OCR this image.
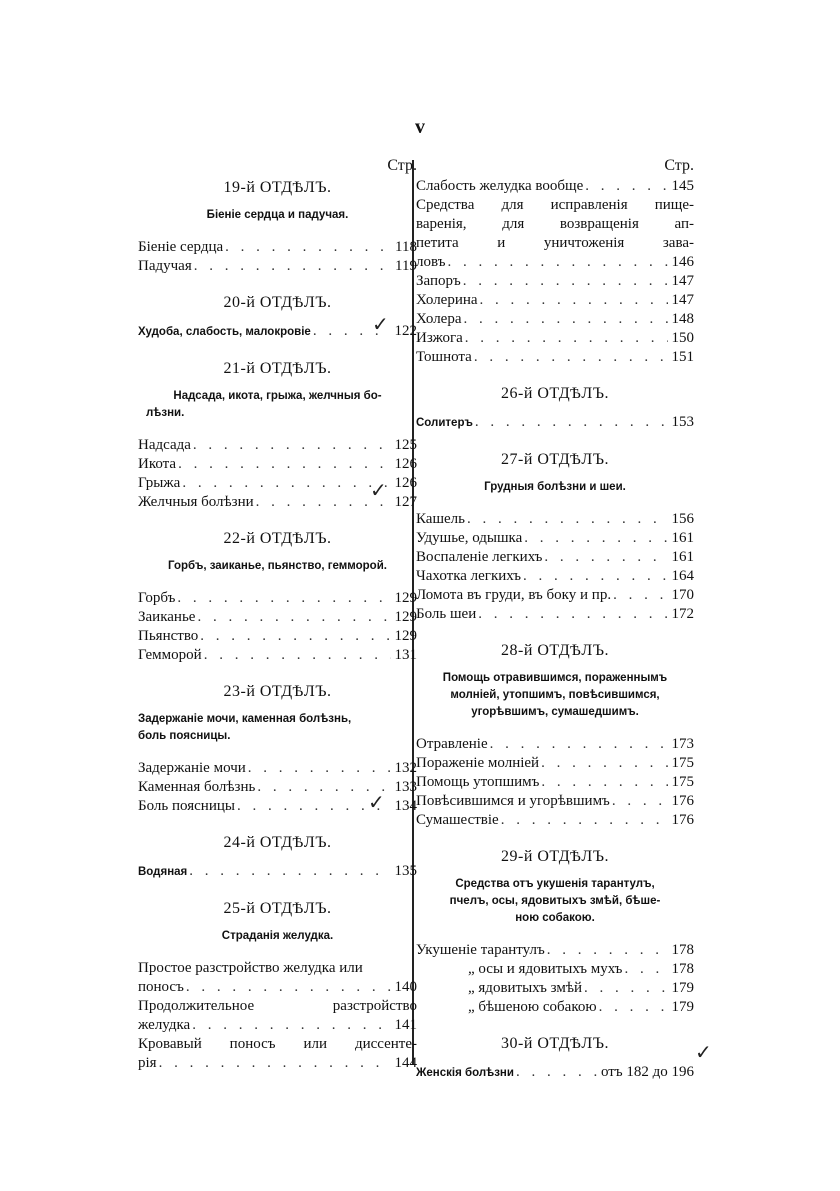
v
Стр.
19-й ОТДѢЛЪ.
Біеніе сердца и падучая.
Біеніе сердца . . .	118
Падучая . . .	119
20-й ОТДѢЛЪ.
Худоба, слабость, малокровіе . . .	122
21-й ОТДѢЛЪ.
Надсада, икота, грыжа, желчныя бо-
лѣзни.
Надсада . . .	125
Икота . . .	126
Грыжа . . .	126
Желчныя болѣзни . . .	127
22-й ОТДѢЛЪ.
Горбъ, заиканье, пьянство, гемморой.
Горбъ . . .	129
Заиканье . . .	129
Пьянство . . .	129
Гемморой . . .	131
23-й ОТДѢЛЪ.
Задержаніе мочи, каменная болѣзнь,
боль поясницы.
Задержаніе мочи . . .	132
Каменная болѣзнь . . .	133
Боль поясницы . . .	134
24-й ОТДѢЛЪ.
Водяная . . .	135
25-й ОТДѢЛЪ.
Страданія желудка.
Простое разстройство желудка или
поносъ . . .	140
Продолжительное разстройство
желудка . . .	141
Кровавый поносъ или диссенте-
рія . . .	144
Стр.
Слабость желудка вообще . . .	145
Средства для исправленія пище-
варенія, для возвращенія ап-
петита и уничтоженія зава-
ловъ . . .	146
Запоръ . . .	147
Холерина . . .	147
Холера . . .	148
Изжога . . .	150
Тошнота . . .	151
26-й ОТДѢЛЪ.
Солитеръ . . .	153
27-й ОТДѢЛЪ.
Грудныя болѣзни и шеи.
Кашель . . .	156
Удушье, одышка . . .	161
Воспаленіе легкихъ . . .	161
Чахотка легкихъ . . .	164
Ломота въ груди, въ боку и пр. . . .	170
Боль шеи . . .	172
28-й ОТДѢЛЪ.
Помощь отравившимся, пораженнымъ
молніей, утопшимъ, повѣсившимся,
угорѣвшимъ, сумашедшимъ.
Отравленіе . . .	173
Пораженіе молніей . . .	175
Помощь утопшимъ . . .	175
Повѣсившимся и угорѣвшимъ . . .	176
Сумашествіе . . .	176
29-й ОТДѢЛЪ.
Средства отъ укушенія тарантулъ,
пчелъ, осы, ядовитыхъ змѣй, бѣше-
ною собакою.
Укушеніе тарантулъ . . .	178
„ осы и ядовитыхъ мухъ . . .	178
„ ядовитыхъ змѣй . . .	179
„ бѣшеною собакою . . .	179
30-й ОТДѢЛЪ.
Женскія болѣзни . . .	отъ 182 до 196
✓
✓
✓
✓
